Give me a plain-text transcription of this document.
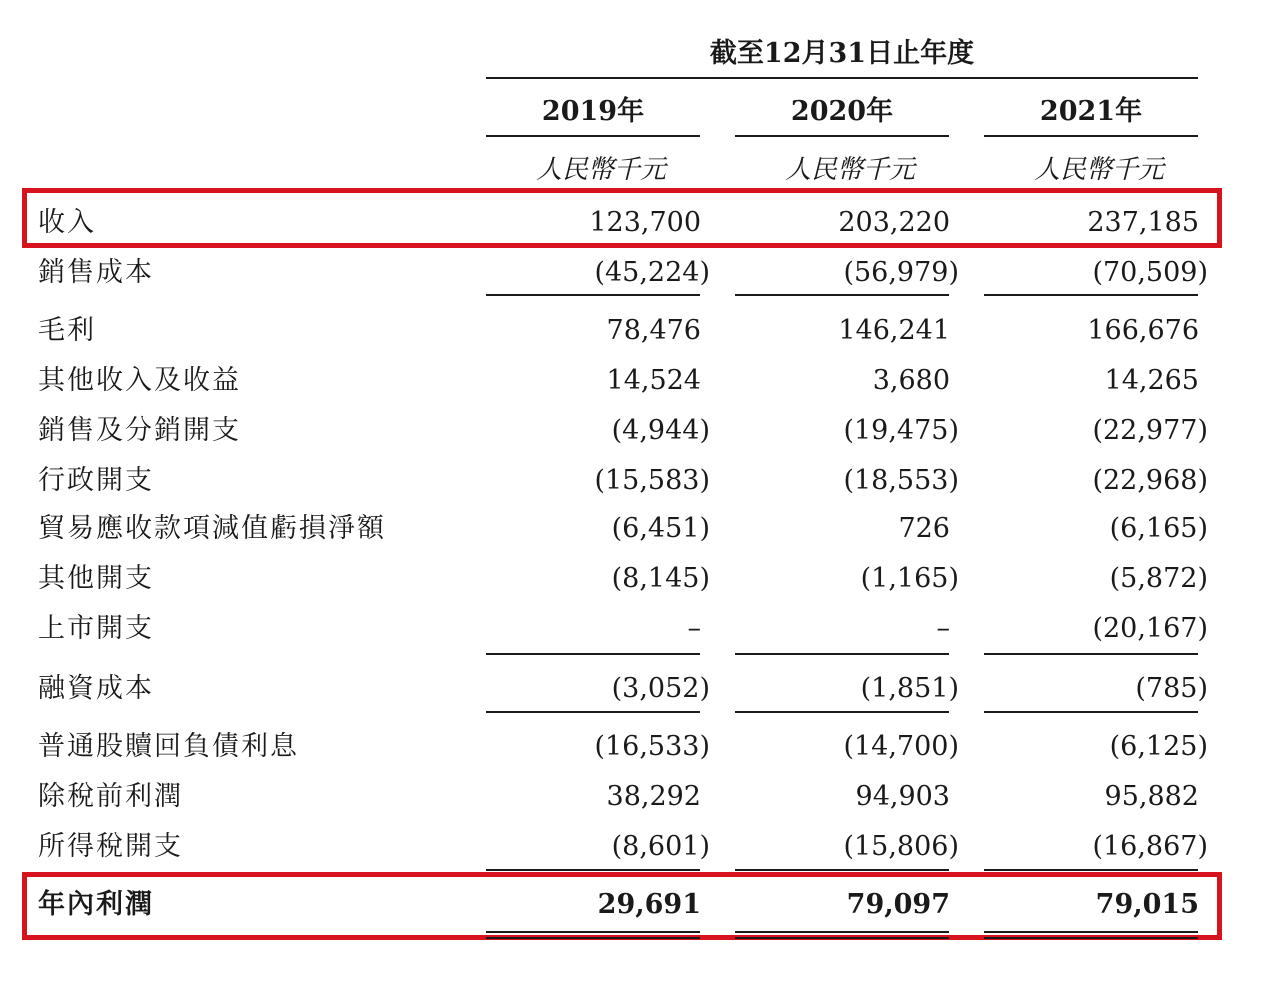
截至12月31日止年度
2019年	2020年	2021年
人民幣千元	人民幣千元	人民幣千元
收入	123,700	203,220	237,185
銷售成本	(45,224)	(56,979)	(70,509)
毛利	78,476	146,241	166,676
其他收入及收益	14,524	3,680	14,265
銷售及分銷開支	(4,944)	(19,475)	(22,977)
行政開支	(15,583)	(18,553)	(22,968)
貿易應收款項減值虧損淨額	(6,451)	726	(6,165)
其他開支	(8,145)	(1,165)	(5,872)
上市開支	–	–	(20,167)
融資成本	(3,052)	(1,851)	(785)
普通股贖回負債利息	(16,533)	(14,700)	(6,125)
除稅前利潤	38,292	94,903	95,882
所得稅開支	(8,601)	(15,806)	(16,867)
年內利潤	29,691	79,097	79,015
